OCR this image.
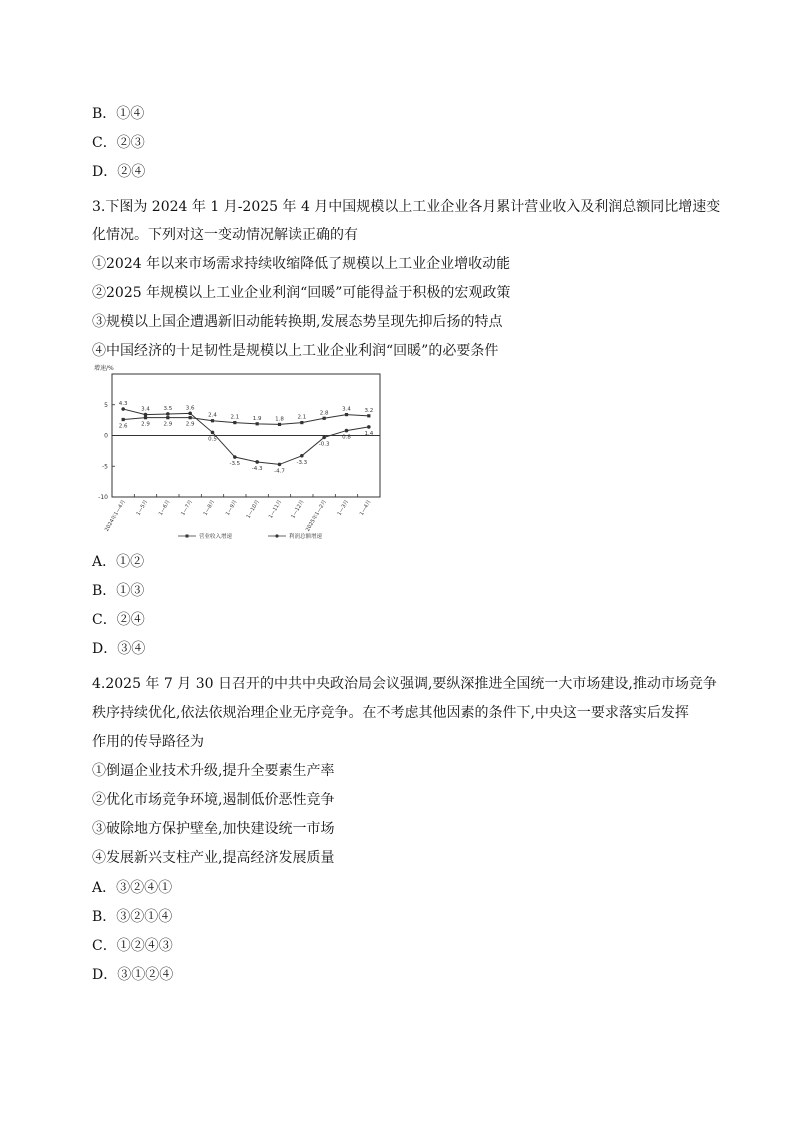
B．①④
C．②③
D．②④
3.下图为 2024 年 1 月-2025 年 4 月中国规模以上工业企业各月累计营业收入及利润总额同比增速变
化情况。下列对这一变动情况解读正确的有
①2024 年以来市场需求持续收缩降低了规模以上工业企业增收动能
②2025 年规模以上工业企业利润“回暖”可能得益于积极的宏观政策
③规模以上国企遭遇新旧动能转换期,发展态势呈现先抑后扬的特点
④中国经济的十足韧性是规模以上工业企业利润“回暖”的必要条件
增速/%
-10
-5
0
5
2024年1—4月	1—5月	1—6月	1—7月	1—8月	1—9月	1—10月	1—11月	1—12月 2025年1—2月	1—3月	1—4月
2.6
4.3
2.9
3.4
2.9
3.5
2.9
3.6
2.4
0.5
2.1
-3.5
1.9
-4.3
1.8
-4.7
2.1
-3.3
2.8
-0.3
3.4
0.8
3.2
1.4
营业收入增速	利润总额增速
A．①②
B．①③
C．②④
D．③④
4.2025 年 7 月 30 日召开的中共中央政治局会议强调,要纵深推进全国统一大市场建设,推动市场竞争
秩序持续优化,依法依规治理企业无序竞争。在不考虑其他因素的条件下,中央这一要求落实后发挥
作用的传导路径为
①倒逼企业技术升级,提升全要素生产率
②优化市场竞争环境,遏制低价恶性竞争
③破除地方保护壁垒,加快建设统一市场
④发展新兴支柱产业,提高经济发展质量
A．③②④①
B．③②①④
C．①②④③
D．③①②④
